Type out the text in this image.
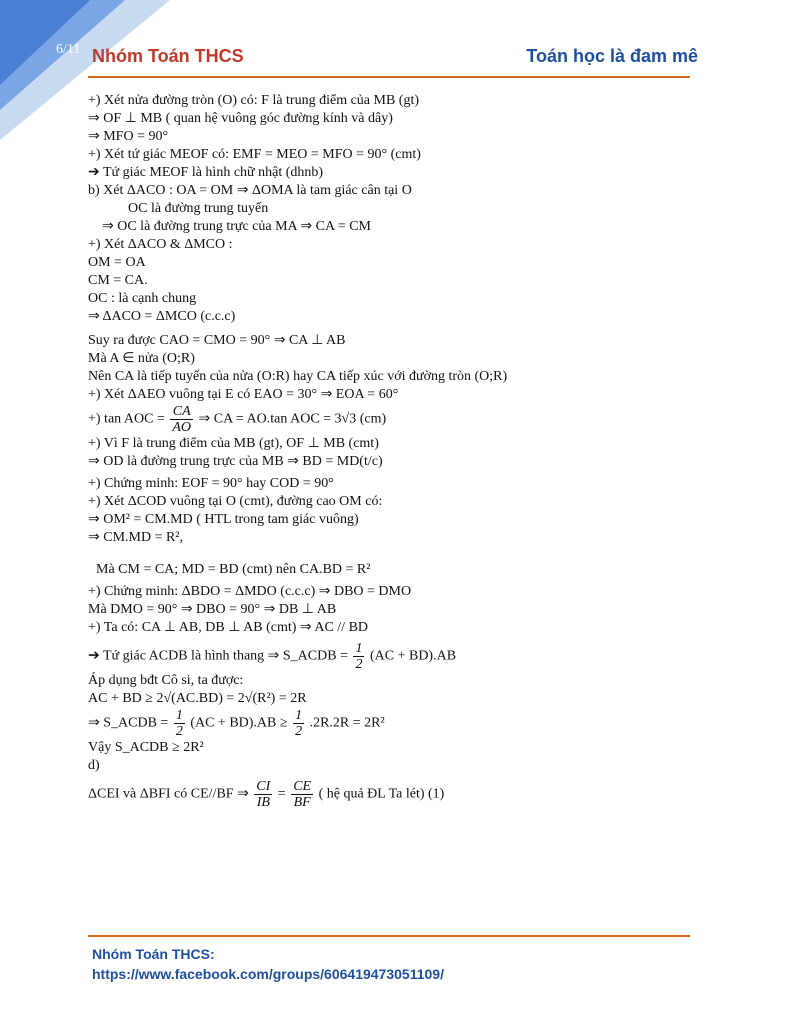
6/11 Nhóm Toán THCS	Toán học là đam mê

+) Xét nửa đường tròn (O) có: F là trung điểm của MB (gt)

⇒ OF ⊥ MB ( quan hệ vuông góc đường kính và dây)

⇒ MFO = 90°

+) Xét tứ giác MEOF có: EMF = MEO = MFO = 90° (cmt)

➔ Tứ giác MEOF là hình chữ nhật (dhnb)

b) Xét ΔACO : OA = OM ⇒ ΔOMA là tam giác cân tại O

OC là đường trung tuyến

⇒ OC là đường trung trực của MA ⇒ CA = CM

+) Xét ΔACO & ΔMCO :

OM = OA

CM = CA.

OC : là cạnh chung

⇒ ΔACO = ΔMCO (c.c.c)

Suy ra được CAO = CMO = 90° ⇒ CA ⊥ AB

Mà A ∈ nửa (O;R)

Nên CA là tiếp tuyến của nửa (O:R) hay CA tiếp xúc với đường tròn (O;R)

+) Xét ΔAEO vuông tại E có EAO = 30° ⇒ EOA = 60°

+) tan AOC = $\frac{CA}{AO}$ ⇒ CA = AO.tan AOC = 3√3 (cm)

+) Vì F là trung điểm của MB (gt), OF ⊥ MB (cmt)

⇒ OD là đường trung trực của MB ⇒ BD = MD(t/c)

+) Chứng minh: EOF = 90° hay COD = 90°

+) Xét ΔCOD vuông tại O (cmt), đường cao OM có:

⇒ OM² = CM.MD ( HTL trong tam giác vuông)

⇒ CM.MD = R²,

Mà CM = CA; MD = BD (cmt) nên CA.BD = R²

+) Chứng minh: ΔBDO = ΔMDO (c.c.c) ⇒ DBO = DMO

Mà DMO = 90° ⇒ DBO = 90° ⇒ DB ⊥ AB

+) Ta có: CA ⊥ AB, DB ⊥ AB (cmt) ⇒ AC // BD

➔ Tứ giác ACDB là hình thang ⇒ S_ACDB = $\frac{1}{2} (AC + BD).AB$

Áp dụng bđt Cô si, ta được:

AC + BD ≥ 2√(AC.BD) = 2√(R²) = 2R

⇒ S_ACDB = $\frac{1}{2} (AC + BD).AB \ge \frac{1}{2} .2R.2R = 2R^2$

Vậy S_ACDB ≥ 2R²

d)

ΔCEI và ΔBFI có CE//BF ⇒ $\frac{CI}{IB} = \frac{CE}{BF}$ ( hệ quả ĐL Ta lét) (1)

Nhóm Toán THCS:
https://www.facebook.com/groups/606419473051109/
